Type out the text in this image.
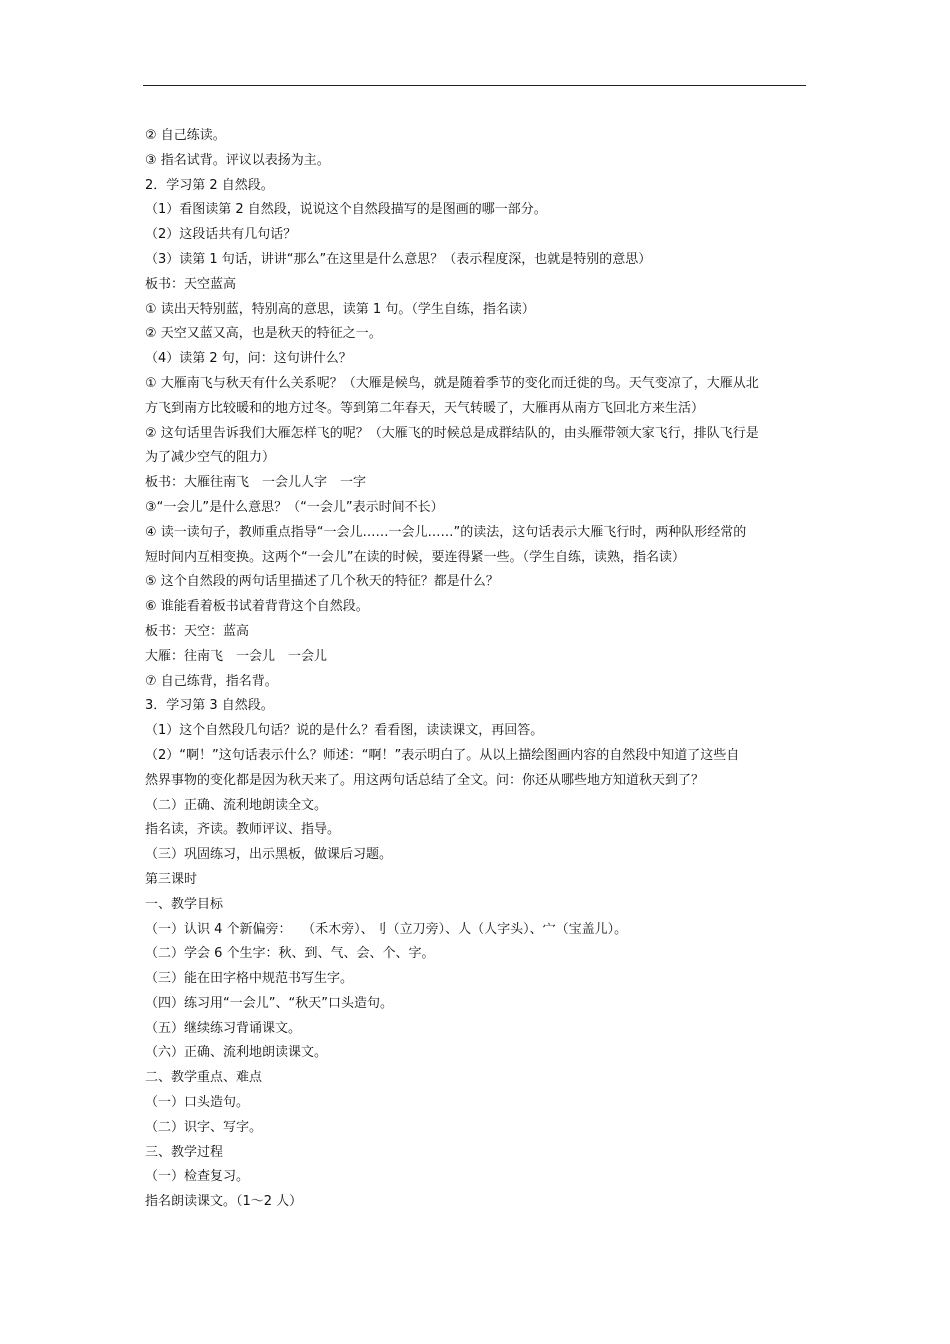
② 自己练读。
③ 指名试背。评议以表扬为主。
2．学习第 2 自然段。
（1）看图读第 2 自然段，说说这个自然段描写的是图画的哪一部分。
（2）这段话共有几句话？
（3）读第 1 句话，讲讲“那么”在这里是什么意思？（表示程度深，也就是特别的意思）
板书：天空蓝高
① 读出天特别蓝，特别高的意思，读第 1 句。（学生自练，指名读）
② 天空又蓝又高，也是秋天的特征之一。
（4）读第 2 句，问：这句讲什么？
① 大雁南飞与秋天有什么关系呢？（大雁是候鸟，就是随着季节的变化而迁徙的鸟。天气变凉了，大雁从北
方飞到南方比较暖和的地方过冬。等到第二年春天，天气转暖了，大雁再从南方飞回北方来生活）
② 这句话里告诉我们大雁怎样飞的呢？（大雁飞的时候总是成群结队的，由头雁带领大家飞行，排队飞行是
为了减少空气的阻力）
板书：大雁往南飞　一会儿人字　一字
③“一会儿”是什么意思？（“一会儿”表示时间不长）
④ 读一读句子，教师重点指导“一会儿……一会儿……”的读法，这句话表示大雁飞行时，两种队形经常的
短时间内互相变换。这两个“一会儿”在读的时候，要连得紧一些。（学生自练，读熟，指名读）
⑤ 这个自然段的两句话里描述了几个秋天的特征？都是什么？
⑥ 谁能看着板书试着背背这个自然段。
板书：天空：蓝高
大雁：往南飞　一会儿　一会儿
⑦ 自己练背，指名背。
3．学习第 3 自然段。
（1）这个自然段几句话？说的是什么？看看图，读读课文，再回答。
（2）“啊！”这句话表示什么？师述：“啊！”表示明白了。从以上描绘图画内容的自然段中知道了这些自
然界事物的变化都是因为秋天来了。用这两句话总结了全文。问：你还从哪些地方知道秋天到了？
（二）正确、流利地朗读全文。
指名读，齐读。教师评议、指导。
（三）巩固练习，出示黑板，做课后习题。
第三课时
一、教学目标
（一）认识 4 个新偏旁：　 （禾木旁）、刂（立刀旁）、人（人字头）、宀（宝盖儿）。
（二）学会 6 个生字：秋、到、气、会、个、字。
（三）能在田字格中规范书写生字。
（四）练习用“一会儿”、“秋天”口头造句。
（五）继续练习背诵课文。
（六）正确、流利地朗读课文。
二、教学重点、难点
（一）口头造句。
（二）识字、写字。
三、教学过程
（一）检查复习。
指名朗读课文。（1～2 人）
